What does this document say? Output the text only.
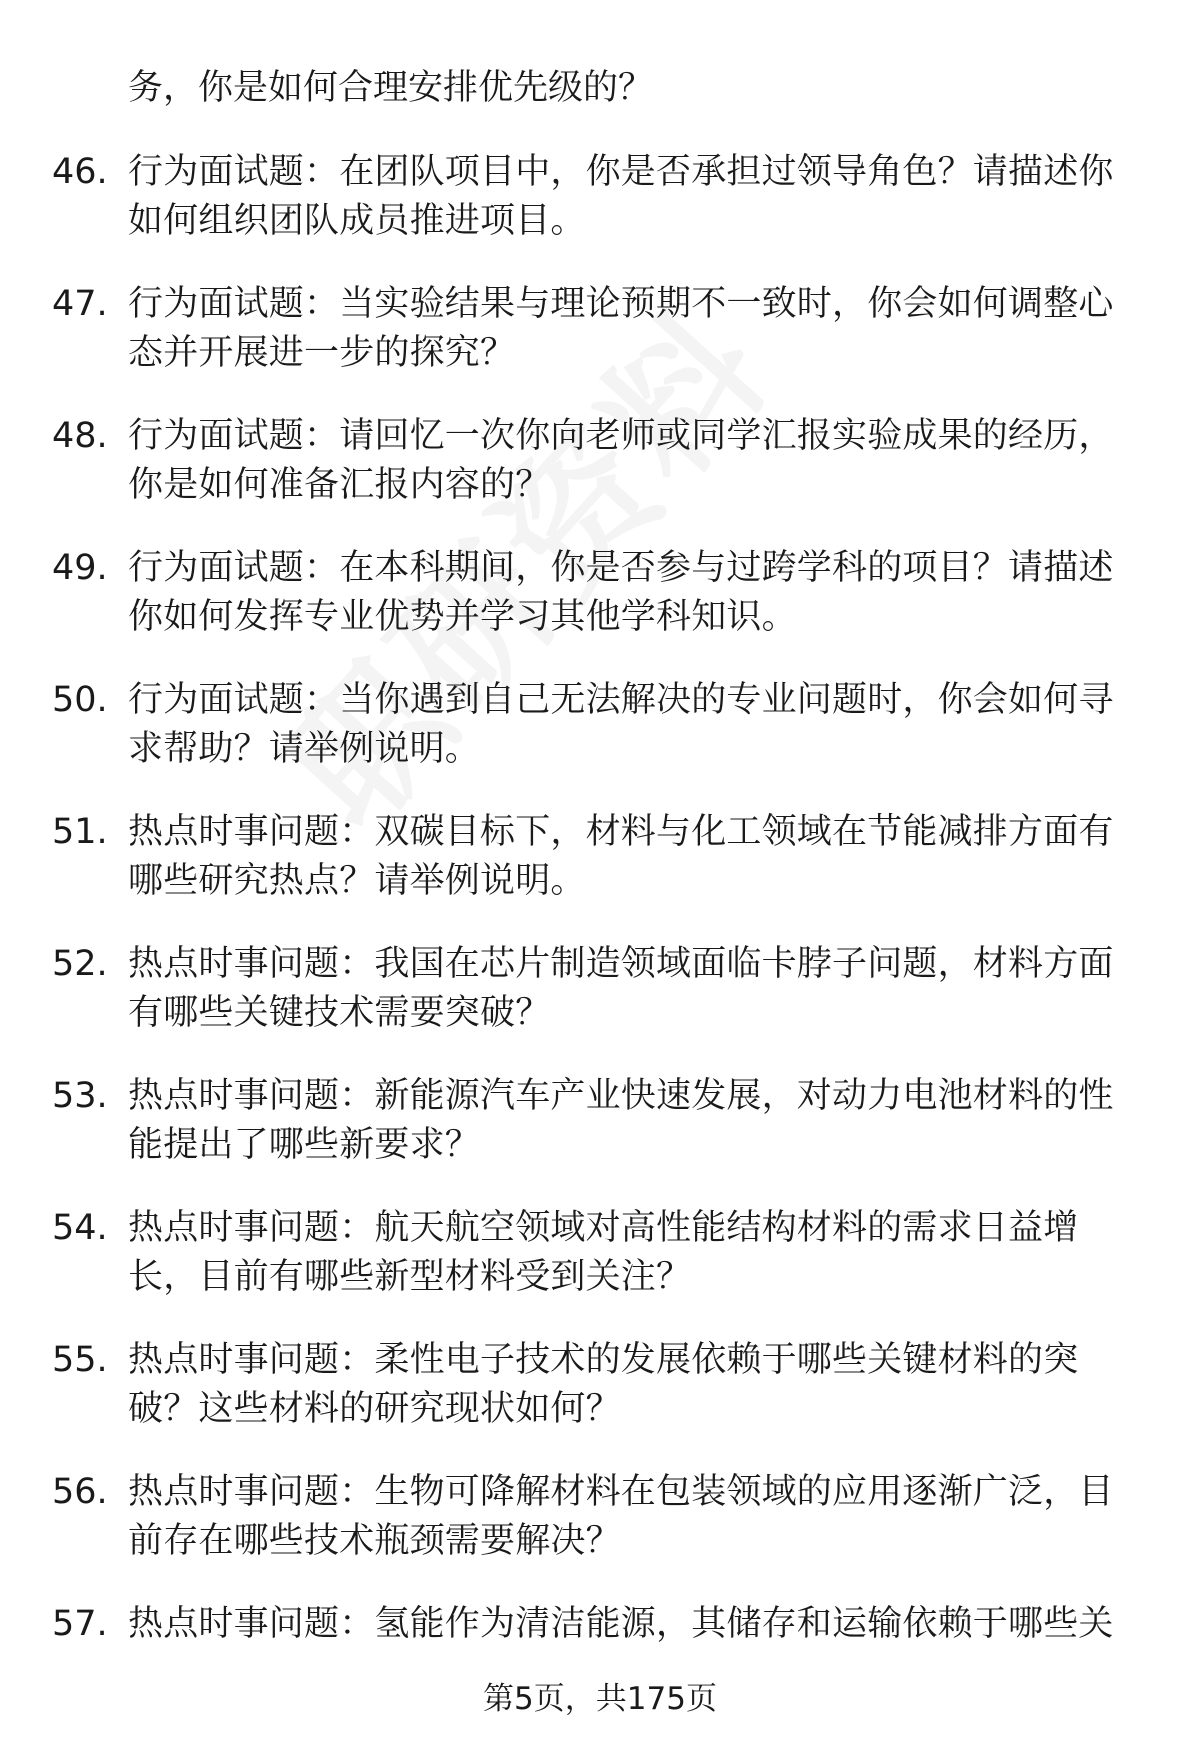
务，你是如何合理安排优先级的？
46. 行为面试题：在团队项目中，你是否承担过领导角色？请描述你
如何组织团队成员推进项目。
47. 行为面试题：当实验结果与理论预期不一致时，你会如何调整心
态并开展进一步的探究？
48. 行为面试题：请回忆一次你向老师或同学汇报实验成果的经历，
你是如何准备汇报内容的？
49. 行为面试题：在本科期间，你是否参与过跨学科的项目？请描述
你如何发挥专业优势并学习其他学科知识。
50. 行为面试题：当你遇到自己无法解决的专业问题时，你会如何寻
求帮助？请举例说明。
51. 热点时事问题：双碳目标下，材料与化工领域在节能减排方面有
哪些研究热点？请举例说明。
52. 热点时事问题：我国在芯片制造领域面临卡脖子问题，材料方面
有哪些关键技术需要突破？
53. 热点时事问题：新能源汽车产业快速发展，对动力电池材料的性
能提出了哪些新要求？
54. 热点时事问题：航天航空领域对高性能结构材料的需求日益增
长，目前有哪些新型材料受到关注？
55. 热点时事问题：柔性电子技术的发展依赖于哪些关键材料的突
破？这些材料的研究现状如何？
56. 热点时事问题：生物可降解材料在包装领域的应用逐渐广泛，目
前存在哪些技术瓶颈需要解决？
57. 热点时事问题：氢能作为清洁能源，其储存和运输依赖于哪些关
第5页，共175页
